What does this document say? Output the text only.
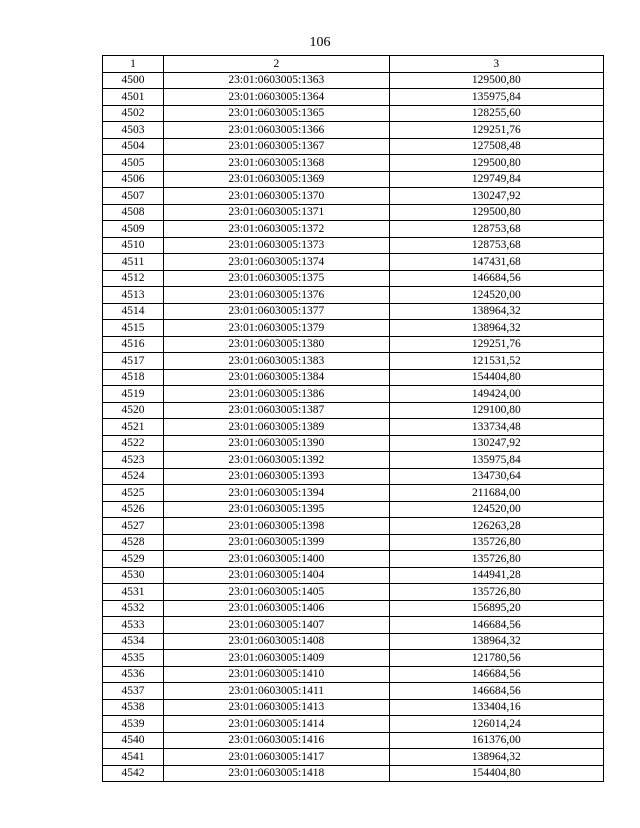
106
1	2	3
4500	23:01:0603005:1363	129500,80
4501	23:01:0603005:1364	135975,84
4502	23:01:0603005:1365	128255,60
4503	23:01:0603005:1366	129251,76
4504	23:01:0603005:1367	127508,48
4505	23:01:0603005:1368	129500,80
4506	23:01:0603005:1369	129749,84
4507	23:01:0603005:1370	130247,92
4508	23:01:0603005:1371	129500,80
4509	23:01:0603005:1372	128753,68
4510	23:01:0603005:1373	128753,68
4511	23:01:0603005:1374	147431,68
4512	23:01:0603005:1375	146684,56
4513	23:01:0603005:1376	124520,00
4514	23:01:0603005:1377	138964,32
4515	23:01:0603005:1379	138964,32
4516	23:01:0603005:1380	129251,76
4517	23:01:0603005:1383	121531,52
4518	23:01:0603005:1384	154404,80
4519	23:01:0603005:1386	149424,00
4520	23:01:0603005:1387	129100,80
4521	23:01:0603005:1389	133734,48
4522	23:01:0603005:1390	130247,92
4523	23:01:0603005:1392	135975,84
4524	23:01:0603005:1393	134730,64
4525	23:01:0603005:1394	211684,00
4526	23:01:0603005:1395	124520,00
4527	23:01:0603005:1398	126263,28
4528	23:01:0603005:1399	135726,80
4529	23:01:0603005:1400	135726,80
4530	23:01:0603005:1404	144941,28
4531	23:01:0603005:1405	135726,80
4532	23:01:0603005:1406	156895,20
4533	23:01:0603005:1407	146684,56
4534	23:01:0603005:1408	138964,32
4535	23:01:0603005:1409	121780,56
4536	23:01:0603005:1410	146684,56
4537	23:01:0603005:1411	146684,56
4538	23:01:0603005:1413	133404,16
4539	23:01:0603005:1414	126014,24
4540	23:01:0603005:1416	161376,00
4541	23:01:0603005:1417	138964,32
4542	23:01:0603005:1418	154404,80
